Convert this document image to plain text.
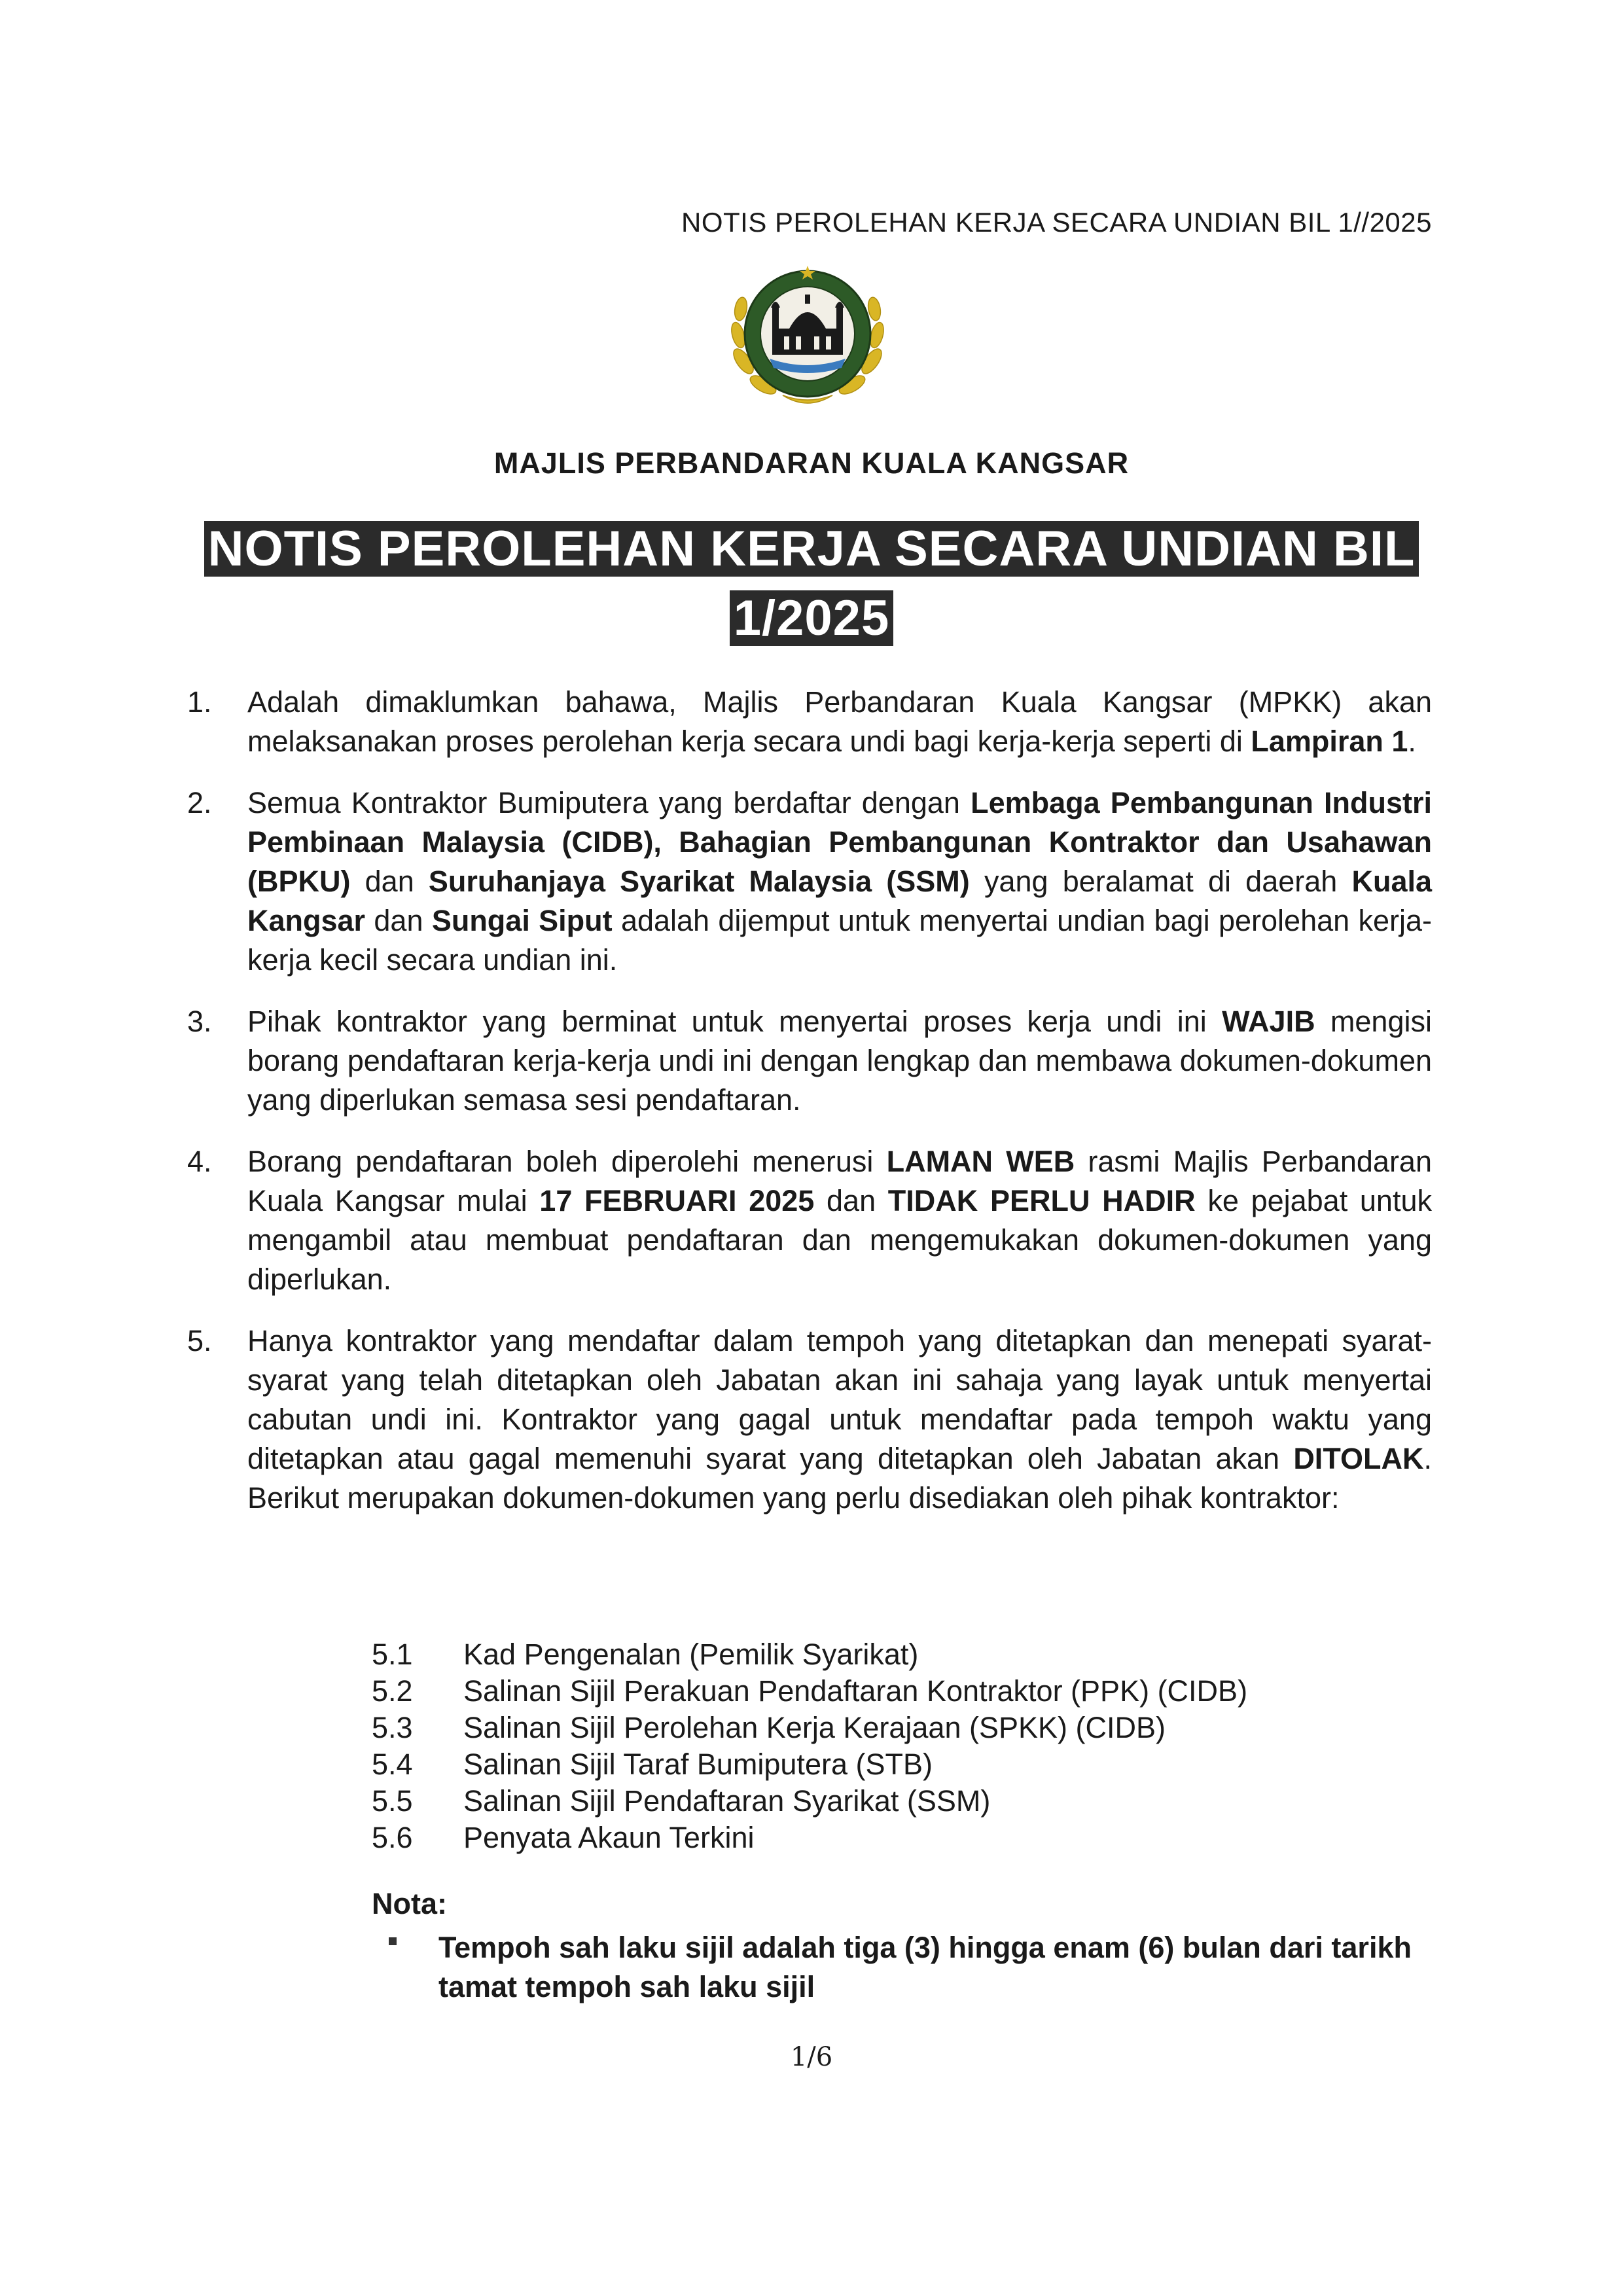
NOTIS PEROLEHAN KERJA SECARA UNDIAN BIL 1//2025
MAJLIS PERBANDARAN KUALA KANGSAR
NOTIS PEROLEHAN KERJA SECARA UNDIAN BIL 1/2025
1. Adalah dimaklumkan bahawa, Majlis Perbandaran Kuala Kangsar (MPKK) akan melaksanakan proses perolehan kerja secara undi bagi kerja-kerja seperti di Lampiran 1.
2. Semua Kontraktor Bumiputera yang berdaftar dengan Lembaga Pembangunan Industri Pembinaan Malaysia (CIDB), Bahagian Pembangunan Kontraktor dan Usahawan (BPKU) dan Suruhanjaya Syarikat Malaysia (SSM) yang beralamat di daerah Kuala Kangsar dan Sungai Siput adalah dijemput untuk menyertai undian bagi perolehan kerja-kerja kecil secara undian ini.
3. Pihak kontraktor yang berminat untuk menyertai proses kerja undi ini WAJIB mengisi borang pendaftaran kerja-kerja undi ini dengan lengkap dan membawa dokumen-dokumen yang diperlukan semasa sesi pendaftaran.
4. Borang pendaftaran boleh diperolehi menerusi LAMAN WEB rasmi Majlis Perbandaran Kuala Kangsar mulai 17 FEBRUARI 2025 dan TIDAK PERLU HADIR ke pejabat untuk mengambil atau membuat pendaftaran dan mengemukakan dokumen-dokumen yang diperlukan.
5. Hanya kontraktor yang mendaftar dalam tempoh yang ditetapkan dan menepati syarat-syarat yang telah ditetapkan oleh Jabatan akan ini sahaja yang layak untuk menyertai cabutan undi ini. Kontraktor yang gagal untuk mendaftar pada tempoh waktu yang ditetapkan atau gagal memenuhi syarat yang ditetapkan oleh Jabatan akan DITOLAK. Berikut merupakan dokumen-dokumen yang perlu disediakan oleh pihak kontraktor:
5.1	Kad Pengenalan (Pemilik Syarikat)
5.2	Salinan Sijil Perakuan Pendaftaran Kontraktor (PPK) (CIDB)
5.3	Salinan Sijil Perolehan Kerja Kerajaan (SPKK) (CIDB)
5.4	Salinan Sijil Taraf Bumiputera (STB)
5.5	Salinan Sijil Pendaftaran Syarikat (SSM)
5.6	Penyata Akaun Terkini
Nota:
Tempoh sah laku sijil adalah tiga (3) hingga enam (6) bulan dari tarikh tamat tempoh sah laku sijil
1/6
